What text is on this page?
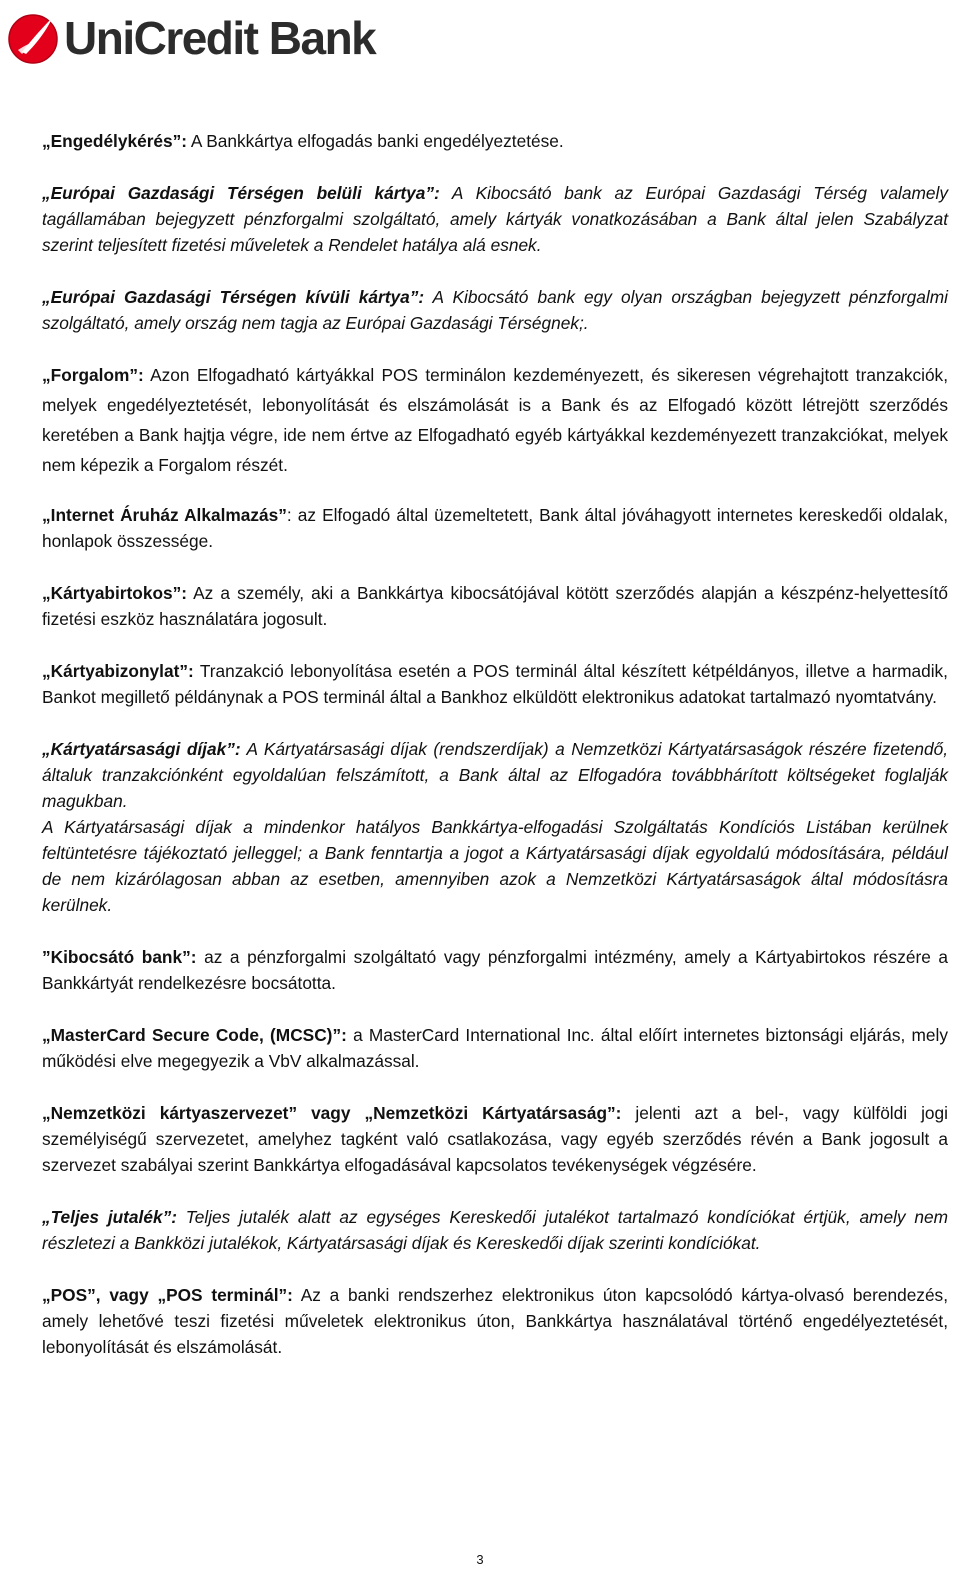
UniCredit Bank

„Engedélykérés”: A Bankkártya elfogadás banki engedélyeztetése.

„Európai Gazdasági Térségen belüli kártya”: A Kibocsátó bank az Európai Gazdasági Térség valamely tagállamában bejegyzett pénzforgalmi szolgáltató, amely kártyák vonatkozásában a Bank által jelen Szabályzat szerint teljesített fizetési műveletek a Rendelet hatálya alá esnek.

„Európai Gazdasági Térségen kívüli kártya”: A Kibocsátó bank egy olyan országban bejegyzett pénzforgalmi szolgáltató, amely ország nem tagja az Európai Gazdasági Térségnek;.

„Forgalom”: Azon Elfogadható kártyákkal POS terminálon kezdeményezett, és sikeresen végrehajtott tranzakciók, melyek engedélyeztetését, lebonyolítását és elszámolását is a Bank és az Elfogadó között létrejött szerződés keretében a Bank hajtja végre, ide nem értve az Elfogadható egyéb kártyákkal kezdeményezett tranzakciókat, melyek nem képezik a Forgalom részét.

„Internet Áruház Alkalmazás”: az Elfogadó által üzemeltetett, Bank által jóváhagyott internetes kereskedői oldalak, honlapok összessége.

„Kártyabirtokos”: Az a személy, aki a Bankkártya kibocsátójával kötött szerződés alapján a készpénz-helyettesítő fizetési eszköz használatára jogosult.

„Kártyabizonylat”: Tranzakció lebonyolítása esetén a POS terminál által készített kétpéldányos, illetve a harmadik, Bankot megillető példánynak a POS terminál által a Bankhoz elküldött elektronikus adatokat tartalmazó nyomtatvány.

„Kártyatársasági díjak”: A Kártyatársasági díjak (rendszerdíjak) a Nemzetközi Kártyatársaságok részére fizetendő, általuk tranzakciónként egyoldalúan felszámított, a Bank által az Elfogadóra továbbhárított költségeket foglalják magukban.

A Kártyatársasági díjak a mindenkor hatályos Bankkártya-elfogadási Szolgáltatás Kondíciós Listában kerülnek feltüntetésre tájékoztató jelleggel; a Bank fenntartja a jogot a Kártyatársasági díjak egyoldalú módosítására, például de nem kizárólagosan abban az esetben, amennyiben azok a Nemzetközi Kártyatársaságok által módosításra kerülnek.

”Kibocsátó bank”: az a pénzforgalmi szolgáltató vagy pénzforgalmi intézmény, amely a Kártyabirtokos részére a Bankkártyát rendelkezésre bocsátotta.

„MasterCard Secure Code, (MCSC)”: a MasterCard International Inc. által előírt internetes biztonsági eljárás, mely működési elve megegyezik a VbV alkalmazással.

„Nemzetközi kártyaszervezet” vagy „Nemzetközi Kártyatársaság”: jelenti azt a bel-, vagy külföldi jogi személyiségű szervezetet, amelyhez tagként való csatlakozása, vagy egyéb szerződés révén a Bank jogosult a szervezet szabályai szerint Bankkártya elfogadásával kapcsolatos tevékenységek végzésére.

„Teljes jutalék”: Teljes jutalék alatt az egységes Kereskedői jutalékot tartalmazó kondíciókat értjük, amely nem részletezi a Bankközi jutalékok, Kártyatársasági díjak és Kereskedői díjak szerinti kondíciókat.

„POS”, vagy „POS terminál”: Az a banki rendszerhez elektronikus úton kapcsolódó kártya-olvasó berendezés, amely lehetővé teszi fizetési műveletek elektronikus úton, Bankkártya használatával történő engedélyeztetését, lebonyolítását és elszámolását.

3
